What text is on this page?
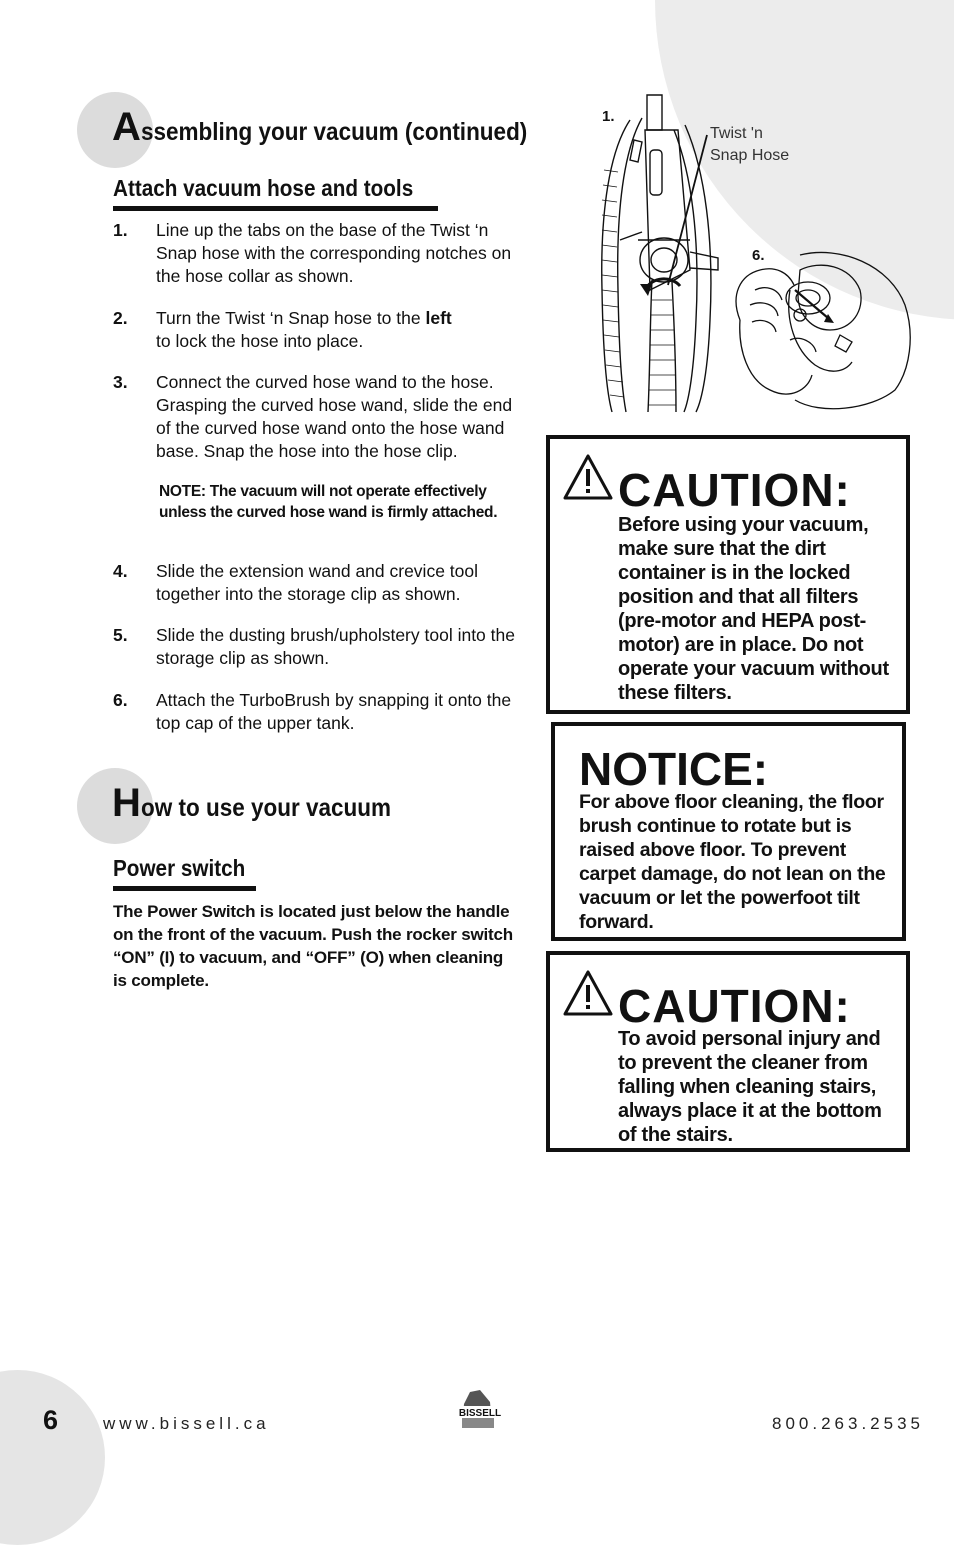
Assembling your vacuum (continued)
Attach vacuum hose and tools
1. Line up the tabs on the base of the Twist ‘n Snap hose with the corresponding notches on the hose collar as shown.
2. Turn the Twist ‘n Snap hose to the left
to lock the hose into place.
3. Connect the curved hose wand to the hose. Grasping the curved hose wand, slide the end of the curved hose wand onto the hose wand base. Snap the hose into the hose clip.
NOTE: The vacuum will not operate effectively unless the curved hose wand is firmly attached.
4. Slide the extension wand and crevice tool together into the storage clip as shown.
5. Slide the dusting brush/upholstery tool into the storage clip as shown.
6. Attach the TurboBrush by snapping it onto the top cap of the upper tank.
How to use your vacuum
Power switch
The Power Switch is located just below the handle on the front of the vacuum. Push the rocker switch “ON” (I) to vacuum, and “OFF” (O) when cleaning is complete.
1.
Twist 'n
Snap Hose
6.
CAUTION:
Before using your vacuum, make sure that the dirt container is in the locked position and that all filters (pre-motor and HEPA post-motor) are in place. Do not operate your vacuum without these filters.
NOTICE:
For above floor cleaning, the floor brush continue to rotate but is raised above floor. To prevent carpet damage, do not lean on the vacuum or let the powerfoot tilt forward.
CAUTION:
To avoid personal injury and to prevent the cleaner from falling when cleaning stairs, always place it at the bottom of the stairs.
6	www.bissell.ca	800.263.2535
BISSELL
